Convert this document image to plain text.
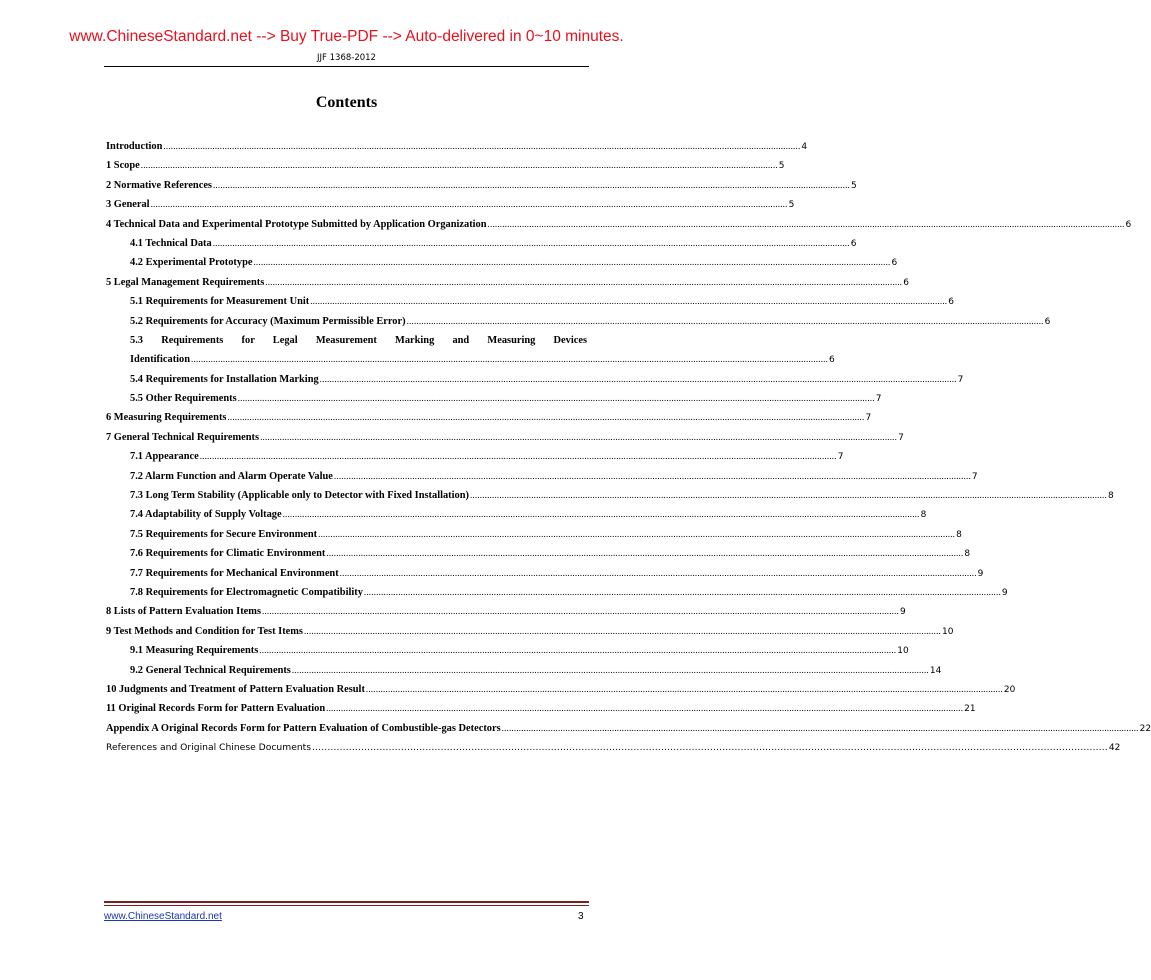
www.ChineseStandard.net --> Buy True-PDF --> Auto-delivered in 0~10 minutes.
JJF 1368-2012
Contents
Introduction .................................................................................................................................................................................................................................................................... 4
1 Scope .................................................................................................................................................................................................................................................................... 5
2 Normative References .................................................................................................................................................................................................................................................................... 5
3 General .................................................................................................................................................................................................................................................................... 5
4 Technical Data and Experimental Prototype Submitted by Application Organization .................................................................................................................................................................................................................................................................... 6
4.1 Technical Data .................................................................................................................................................................................................................................................................... 6
4.2 Experimental Prototype .................................................................................................................................................................................................................................................................... 6
5 Legal Management Requirements .................................................................................................................................................................................................................................................................... 6
5.1 Requirements for Measurement Unit .................................................................................................................................................................................................................................................................... 6
5.2 Requirements for Accuracy (Maximum Permissible Error) .................................................................................................................................................................................................................................................................... 6
5.3 Requirements for Legal Measurement Marking and Measuring Devices
Identification .................................................................................................................................................................................................................................................................... 6
5.4 Requirements for Installation Marking .................................................................................................................................................................................................................................................................... 7
5.5 Other Requirements .................................................................................................................................................................................................................................................................... 7
6 Measuring Requirements .................................................................................................................................................................................................................................................................... 7
7 General Technical Requirements .................................................................................................................................................................................................................................................................... 7
7.1 Appearance .................................................................................................................................................................................................................................................................... 7
7.2 Alarm Function and Alarm Operate Value .................................................................................................................................................................................................................................................................... 7
7.3 Long Term Stability (Applicable only to Detector with Fixed Installation) .................................................................................................................................................................................................................................................................... 8
7.4 Adaptability of Supply Voltage .................................................................................................................................................................................................................................................................... 8
7.5 Requirements for Secure Environment .................................................................................................................................................................................................................................................................... 8
7.6 Requirements for Climatic Environment .................................................................................................................................................................................................................................................................... 8
7.7 Requirements for Mechanical Environment .................................................................................................................................................................................................................................................................... 9
7.8 Requirements for Electromagnetic Compatibility .................................................................................................................................................................................................................................................................... 9
8 Lists of Pattern Evaluation Items .................................................................................................................................................................................................................................................................... 9
9 Test Methods and Condition for Test Items .................................................................................................................................................................................................................................................................... 10
9.1 Measuring Requirements .................................................................................................................................................................................................................................................................... 10
9.2 General Technical Requirements .................................................................................................................................................................................................................................................................... 14
10 Judgments and Treatment of Pattern Evaluation Result .................................................................................................................................................................................................................................................................... 20
11 Original Records Form for Pattern Evaluation .................................................................................................................................................................................................................................................................... 21
Appendix A Original Records Form for Pattern Evaluation of Combustible-gas Detectors .................................................................................................................................................................................................................................................................... 22
References and Original Chinese Documents .................................................................................................................................................................................................................................................................... 42
www.ChineseStandard.net	3
